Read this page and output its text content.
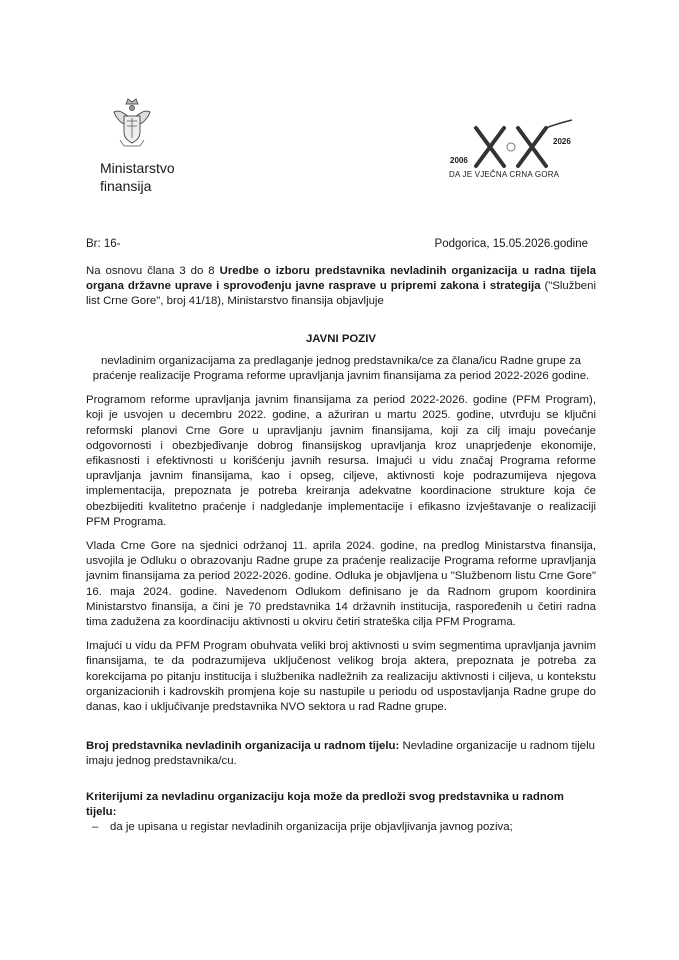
Ministarstvo
finansija
2026
2006
DA JE VJEČNA CRNA GORA
Br: 16-	Podgorica, 15.05.2026.godine

Na osnovu člana 3 do 8 Uredbe o izboru predstavnika nevladinih organizacija u radna tijela organa državne uprave i sprovođenju javne rasprave u pripremi zakona i strategija ("Službeni list Crne Gore", broj 41/18), Ministarstvo finansija objavljuje

JAVNI POZIV

nevladinim organizacijama za predlaganje jednog predstavnika/ce za člana/icu Radne grupe za praćenje realizacije Programa reforme upravljanja javnim finansijama za period 2022-2026 godine.

Programom reforme upravljanja javnim finansijama za period 2022-2026. godine (PFM Program), koji je usvojen u decembru 2022. godine, a ažuriran u martu 2025. godine, utvrđuju se ključni reformski planovi Crne Gore u upravljanju javnim finansijama, koji za cilj imaju povećanje odgovornosti i obezbjeđivanje dobrog finansijskog upravljanja kroz unaprjeđenje ekonomije, efikasnosti i efektivnosti u korišćenju javnih resursa. Imajući u vidu značaj Programa reforme upravljanja javnim finansijama, kao i opseg, ciljeve, aktivnosti koje podrazumijeva njegova implementacija, prepoznata je potreba kreiranja adekvatne koordinacione strukture koja će obezbijediti kvalitetno praćenje i nadgledanje implementacije i efikasno izvještavanje o realizaciji PFM Programa.

Vlada Crne Gore na sjednici održanoj 11. aprila 2024. godine, na predlog Ministarstva finansija, usvojila je Odluku o obrazovanju Radne grupe za praćenje realizacije Programa reforme upravljanja javnim finansijama za period 2022-2026. godine. Odluka je objavljena u "Službenom listu Crne Gore" 16. maja 2024. godine. Navedenom Odlukom definisano je da Radnom grupom koordinira Ministarstvo finansija, a čini je 70 predstavnika 14 državnih institucija, raspoređenih u četiri radna tima zadužena za koordinaciju aktivnosti u okviru četiri strateška cilja PFM Programa.

Imajući u vidu da PFM Program obuhvata veliki broj aktivnosti u svim segmentima upravljanja javnim finansijama, te da podrazumijeva uključenost velikog broja aktera, prepoznata je potreba za korekcijama po pitanju institucija i službenika nadležnih za realizaciju aktivnosti i ciljeva, u kontekstu organizacionih i kadrovskih promjena koje su nastupile u periodu od uspostavljanja Radne grupe do danas, kao i uključivanje predstavnika NVO sektora u rad Radne grupe.

Broj predstavnika nevladinih organizacija u radnom tijelu: Nevladine organizacije u radnom tijelu imaju jednog predstavnika/cu.

Kriterijumi za nevladinu organizaciju koja može da predloži svog predstavnika u radnom tijelu:

– da je upisana u registar nevladinih organizacija prije objavljivanja javnog poziva;
